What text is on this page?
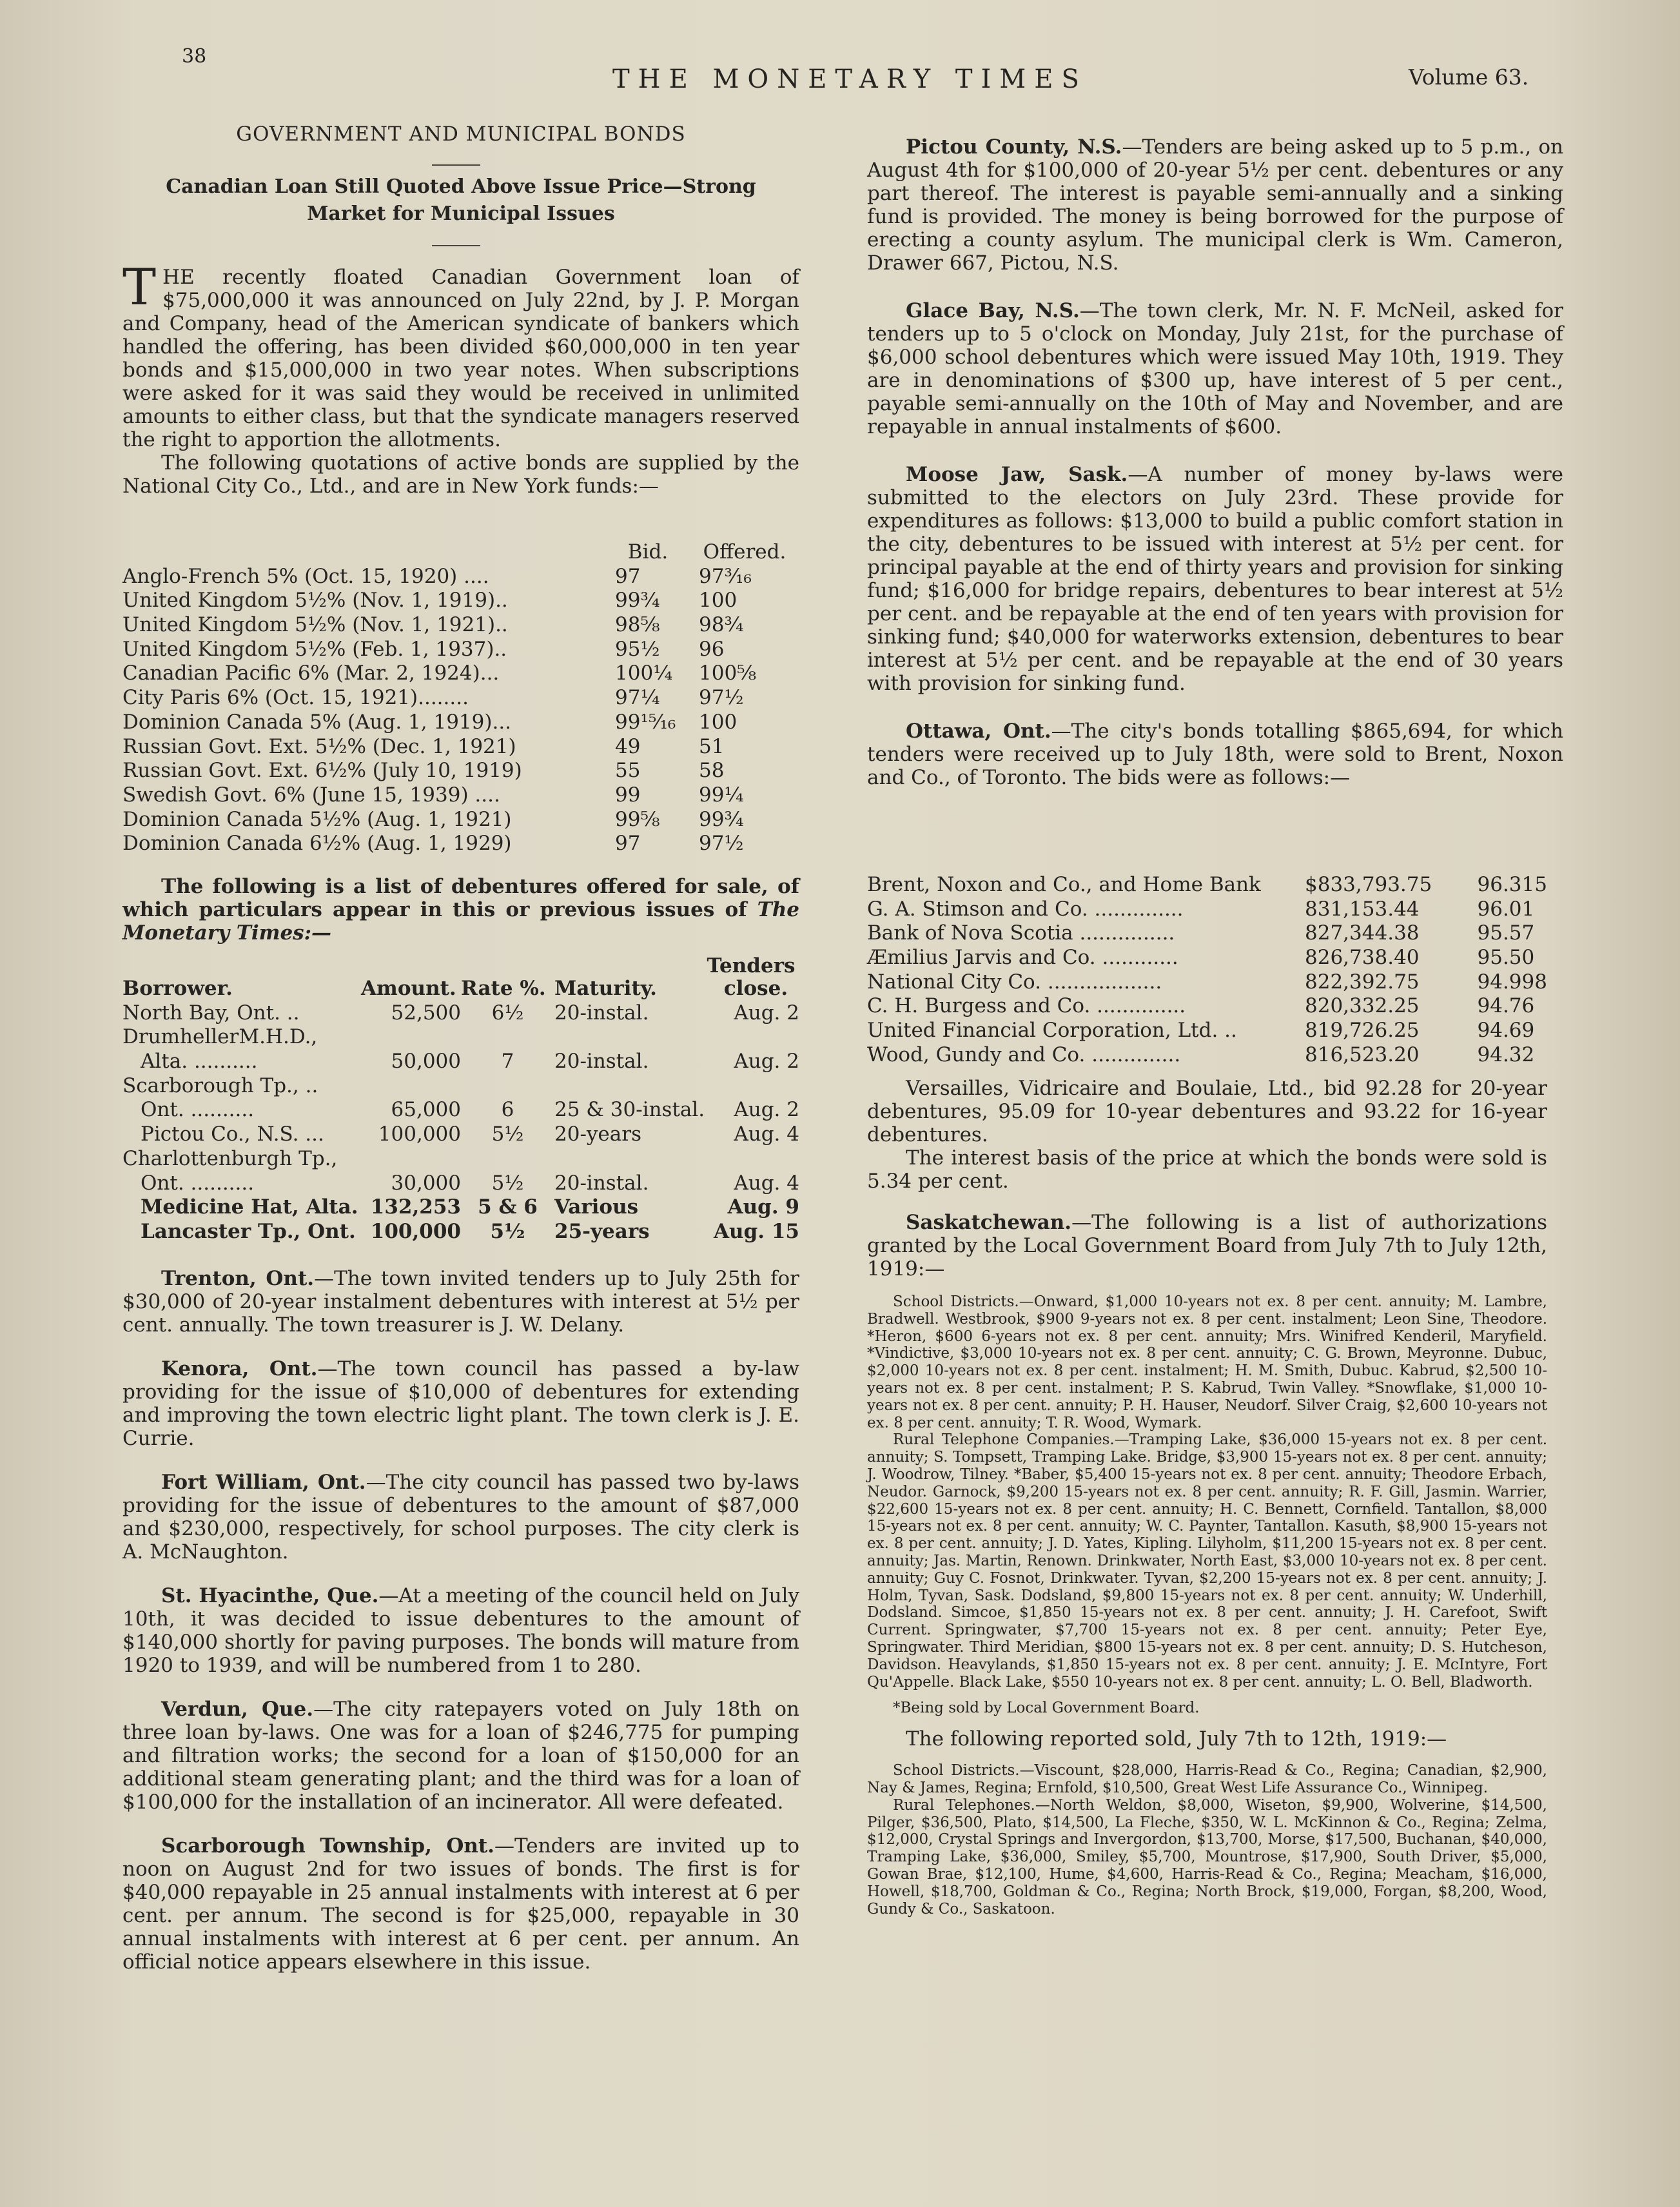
38
THE MONETARY TIMES	Volume 63.
GOVERNMENT AND MUNICIPAL BONDS
Canadian Loan Still Quoted Above Issue Price—Strong
Market for Municipal Issues

THE recently floated Canadian Government loan of $75,000,000 it was announced on July 22nd, by J. P. Morgan and Company, head of the American syndicate of bankers which handled the offering, has been divided $60,000,000 in ten year bonds and $15,000,000 in two year notes. When subscriptions were asked for it was said they would be received in unlimited amounts to either class, but that the syndicate managers reserved the right to apportion the allotments.

The following quotations of active bonds are supplied by the National City Co., Ltd., and are in New York funds:—

	Bid.	Offered.
Anglo-French 5% (Oct. 15, 1920) ....	97	97³⁄₁₆
United Kingdom 5½% (Nov. 1, 1919)..	99¾	100
United Kingdom 5½% (Nov. 1, 1921)..	98⅝	98¾
United Kingdom 5½% (Feb. 1, 1937)..	95½	96
Canadian Pacific 6% (Mar. 2, 1924)...	100¼	100⅝
City Paris 6% (Oct. 15, 1921)........	97¼	97½
Dominion Canada 5% (Aug. 1, 1919)...	99¹⁵⁄₁₆	100
Russian Govt. Ext. 5½% (Dec. 1, 1921)	49	51
Russian Govt. Ext. 6½% (July 10, 1919)	55	58
Swedish Govt. 6% (June 15, 1939) ....	99	99¼
Dominion Canada 5½% (Aug. 1, 1921)	99⅝	99¾
Dominion Canada 6½% (Aug. 1, 1929)	97	97½

The following is a list of debentures offered for sale, of which particulars appear in this or previous issues of The Monetary Times:—

Tenders
Borrower.	Amount.	Rate %.	Maturity.	close.
North Bay, Ont. ..	52,500	6½	20-instal.	Aug. 2
DrumhellerM.H.D.,				
Alta. ..........	50,000	7	20-instal.	Aug. 2
Scarborough Tp., ..				
Ont. ..........	65,000	6	25 & 30-instal.	Aug. 2
Pictou Co., N.S. ...	100,000	5½	20-years	Aug. 4
Charlottenburgh Tp.,				
Ont. ..........	30,000	5½	20-instal.	Aug. 4
Medicine Hat, Alta.	132,253	5 & 6	Various	Aug. 9
Lancaster Tp., Ont.	100,000	5½	25-years	Aug. 15

Trenton, Ont.—The town invited tenders up to July 25th for $30,000 of 20-year instalment debentures with interest at 5½ per cent. annually. The town treasurer is J. W. Delany.

Kenora, Ont.—The town council has passed a by-law providing for the issue of $10,000 of debentures for extending and improving the town electric light plant. The town clerk is J. E. Currie.

Fort William, Ont.—The city council has passed two by-laws providing for the issue of debentures to the amount of $87,000 and $230,000, respectively, for school purposes. The city clerk is A. McNaughton.

St. Hyacinthe, Que.—At a meeting of the council held on July 10th, it was decided to issue debentures to the amount of $140,000 shortly for paving purposes. The bonds will mature from 1920 to 1939, and will be numbered from 1 to 280.

Verdun, Que.—The city ratepayers voted on July 18th on three loan by-laws. One was for a loan of $246,775 for pumping and filtration works; the second for a loan of $150,000 for an additional steam generating plant; and the third was for a loan of $100,000 for the installation of an incinerator. All were defeated.

Scarborough Township, Ont.—Tenders are invited up to noon on August 2nd for two issues of bonds. The first is for $40,000 repayable in 25 annual instalments with interest at 6 per cent. per annum. The second is for $25,000, repayable in 30 annual instalments with interest at 6 per cent. per annum. An official notice appears elsewhere in this issue.

Pictou County, N.S.—Tenders are being asked up to 5 p.m., on August 4th for $100,000 of 20-year 5½ per cent. debentures or any part thereof. The interest is payable semi-annually and a sinking fund is provided. The money is being borrowed for the purpose of erecting a county asylum. The municipal clerk is Wm. Cameron, Drawer 667, Pictou, N.S.

Glace Bay, N.S.—The town clerk, Mr. N. F. McNeil, asked for tenders up to 5 o'clock on Monday, July 21st, for the purchase of $6,000 school debentures which were issued May 10th, 1919. They are in denominations of $300 up, have interest of 5 per cent., payable semi-annually on the 10th of May and November, and are repayable in annual instalments of $600.

Moose Jaw, Sask.—A number of money by-laws were submitted to the electors on July 23rd. These provide for expenditures as follows: $13,000 to build a public comfort station in the city, debentures to be issued with interest at 5½ per cent. for principal payable at the end of thirty years and provision for sinking fund; $16,000 for bridge repairs, debentures to bear interest at 5½ per cent. and be repayable at the end of ten years with provision for sinking fund; $40,000 for waterworks extension, debentures to bear interest at 5½ per cent. and be repayable at the end of 30 years with provision for sinking fund.

Ottawa, Ont.—The city's bonds totalling $865,694, for which tenders were received up to July 18th, were sold to Brent, Noxon and Co., of Toronto. The bids were as follows:—

Brent, Noxon and Co., and Home Bank	$833,793.75	96.315
G. A. Stimson and Co. ..............	831,153.44	96.01
Bank of Nova Scotia ...............	827,344.38	95.57
Æmilius Jarvis and Co. ............	826,738.40	95.50
National City Co. ..................	822,392.75	94.998
C. H. Burgess and Co. ..............	820,332.25	94.76
United Financial Corporation, Ltd. ..	819,726.25	94.69
Wood, Gundy and Co. ..............	816,523.20	94.32

Versailles, Vidricaire and Boulaie, Ltd., bid 92.28 for 20-year debentures, 95.09 for 10-year debentures and 93.22 for 16-year debentures.

The interest basis of the price at which the bonds were sold is 5.34 per cent.

Saskatchewan.—The following is a list of authorizations granted by the Local Government Board from July 7th to July 12th, 1919:—

School Districts.—Onward, $1,000 10-years not ex. 8 per cent. annuity; M. Lambre, Bradwell. Westbrook, $900 9-years not ex. 8 per cent. instalment; Leon Sine, Theodore. *Heron, $600 6-years not ex. 8 per cent. annuity; Mrs. Winifred Kenderil, Maryfield. *Vindictive, $3,000 10-years not ex. 8 per cent. annuity; C. G. Brown, Meyronne. Dubuc, $2,000 10-years not ex. 8 per cent. instalment; H. M. Smith, Dubuc. Kabrud, $2,500 10-years not ex. 8 per cent. instalment; P. S. Kabrud, Twin Valley. *Snowflake, $1,000 10-years not ex. 8 per cent. annuity; P. H. Hauser, Neudorf. Silver Craig, $2,600 10-years not ex. 8 per cent. annuity; T. R. Wood, Wymark.

Rural Telephone Companies.—Tramping Lake, $36,000 15-years not ex. 8 per cent. annuity; S. Tompsett, Tramping Lake. Bridge, $3,900 15-years not ex. 8 per cent. annuity; J. Woodrow, Tilney. *Baber, $5,400 15-years not ex. 8 per cent. annuity; Theodore Erbach, Neudor. Garnock, $9,200 15-years not ex. 8 per cent. annuity; R. F. Gill, Jasmin. Warrier, $22,600 15-years not ex. 8 per cent. annuity; H. C. Bennett, Cornfield. Tantallon, $8,000 15-years not ex. 8 per cent. annuity; W. C. Paynter, Tantallon. Kasuth, $8,900 15-years not ex. 8 per cent. annuity; J. D. Yates, Kipling. Lilyholm, $11,200 15-years not ex. 8 per cent. annuity; Jas. Martin, Renown. Drinkwater, North East, $3,000 10-years not ex. 8 per cent. annuity; Guy C. Fosnot, Drinkwater. Tyvan, $2,200 15-years not ex. 8 per cent. annuity; J. Holm, Tyvan, Sask. Dodsland, $9,800 15-years not ex. 8 per cent. annuity; W. Underhill, Dodsland. Simcoe, $1,850 15-years not ex. 8 per cent. annuity; J. H. Carefoot, Swift Current. Springwater, $7,700 15-years not ex. 8 per cent. annuity; Peter Eye, Springwater. Third Meridian, $800 15-years not ex. 8 per cent. annuity; D. S. Hutcheson, Davidson. Heavylands, $1,850 15-years not ex. 8 per cent. annuity; J. E. McIntyre, Fort Qu'Appelle. Black Lake, $550 10-years not ex. 8 per cent. annuity; L. O. Bell, Bladworth.

*Being sold by Local Government Board.

The following reported sold, July 7th to 12th, 1919:—

School Districts.—Viscount, $28,000, Harris-Read & Co., Regina; Canadian, $2,900, Nay & James, Regina; Ernfold, $10,500, Great West Life Assurance Co., Winnipeg.

Rural Telephones.—North Weldon, $8,000, Wiseton, $9,900, Wolverine, $14,500, Pilger, $36,500, Plato, $14,500, La Fleche, $350, W. L. McKinnon & Co., Regina; Zelma, $12,000, Crystal Springs and Invergordon, $13,700, Morse, $17,500, Buchanan, $40,000, Tramping Lake, $36,000, Smiley, $5,700, Mountrose, $17,900, South Driver, $5,000, Gowan Brae, $12,100, Hume, $4,600, Harris-Read & Co., Regina; Meacham, $16,000, Howell, $18,700, Goldman & Co., Regina; North Brock, $19,000, Forgan, $8,200, Wood, Gundy & Co., Saskatoon.
